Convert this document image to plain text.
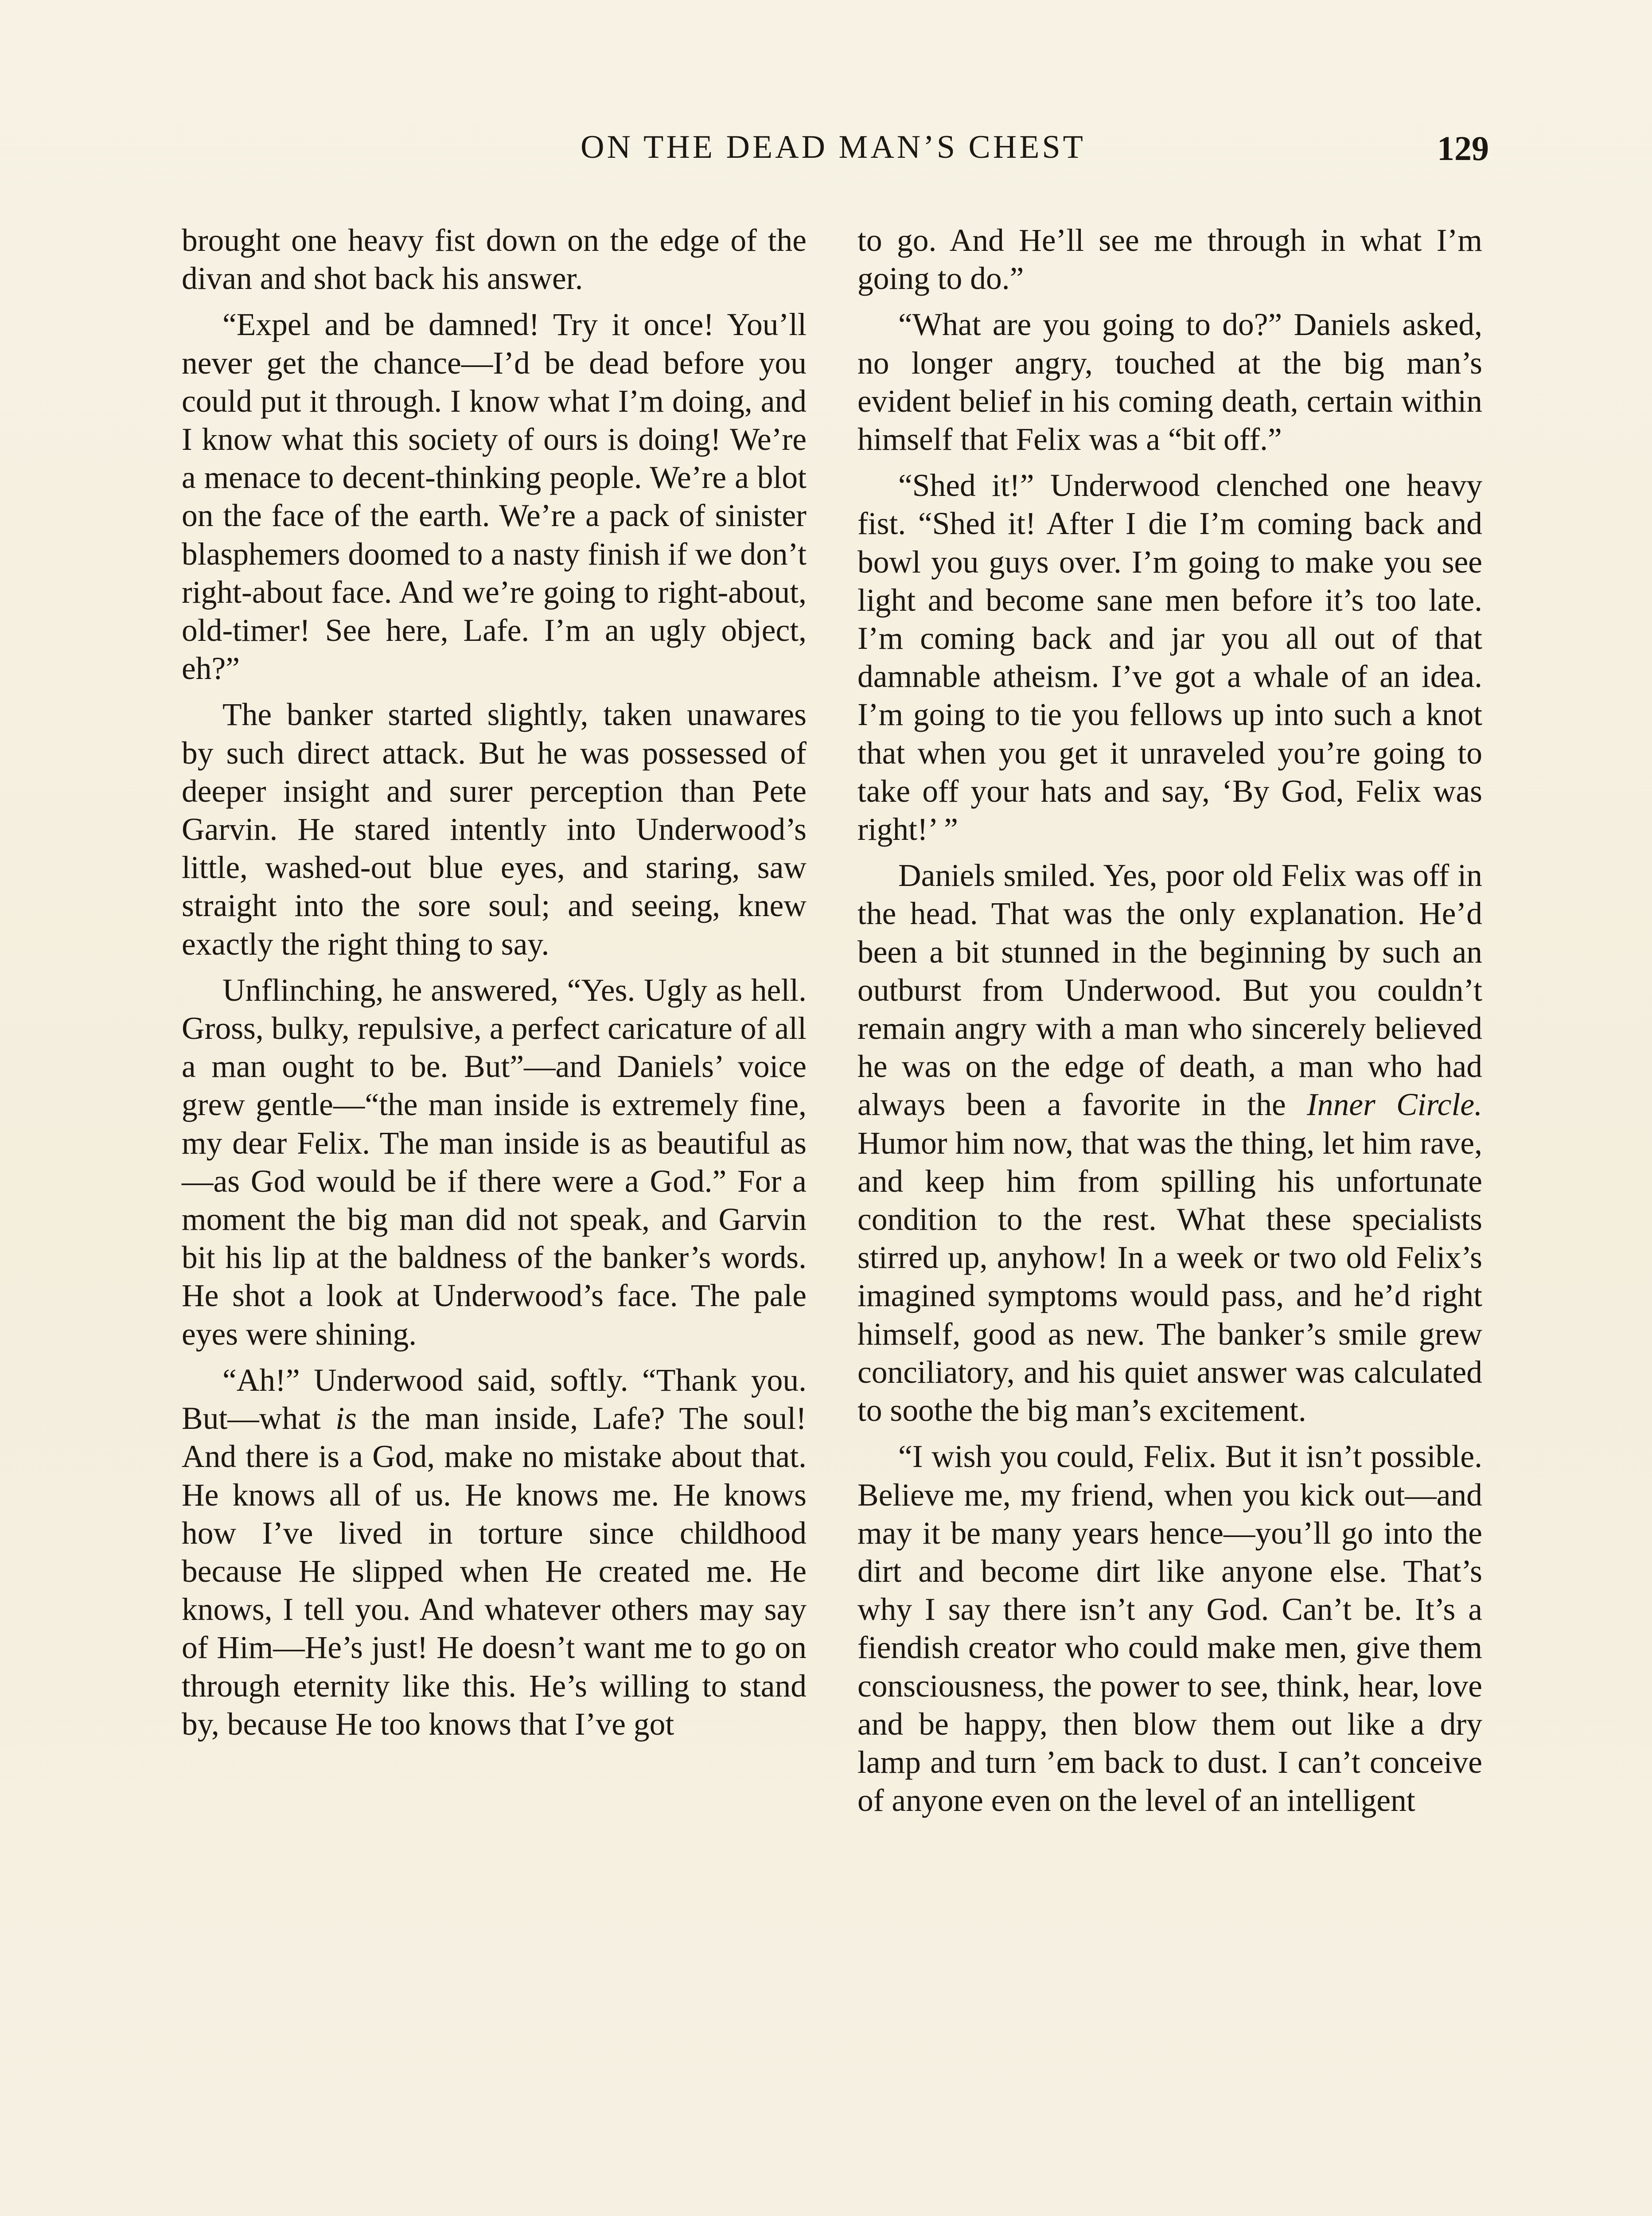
ON THE DEAD MAN’S CHEST	129

brought one heavy fist down on the edge of the divan and shot back his answer.

“Expel and be damned! Try it once! You’ll never get the chance—I’d be dead before you could put it through. I know what I’m doing, and I know what this society of ours is doing! We’re a menace to decent-thinking people. We’re a blot on the face of the earth. We’re a pack of sinister blasphemers doomed to a nasty finish if we don’t right-about face. And we’re going to right-about, old-timer! See here, Lafe. I’m an ugly object, eh?”

The banker started slightly, taken unawares by such direct attack. But he was possessed of deeper insight and surer perception than Pete Garvin. He stared intently into Underwood’s little, washed-out blue eyes, and staring, saw straight into the sore soul; and seeing, knew exactly the right thing to say.

Unflinching, he answered, “Yes. Ugly as hell. Gross, bulky, repulsive, a perfect caricature of all a man ought to be. But”—and Daniels’ voice grew gentle—“the man inside is extremely fine, my dear Felix. The man inside is as beautiful as—as God would be if there were a God.” For a moment the big man did not speak, and Garvin bit his lip at the baldness of the banker’s words. He shot a look at Underwood’s face. The pale eyes were shining.

“Ah!” Underwood said, softly. “Thank you. But—what is the man inside, Lafe? The soul! And there is a God, make no mistake about that. He knows all of us. He knows me. He knows how I’ve lived in torture since childhood because He slipped when He created me. He knows, I tell you. And whatever others may say of Him—He’s just! He doesn’t want me to go on through eternity like this. He’s willing to stand by, because He too knows that I’ve got

to go. And He’ll see me through in what I’m going to do.”

“What are you going to do?” Daniels asked, no longer angry, touched at the big man’s evident belief in his coming death, certain within himself that Felix was a “bit off.”

“Shed it!” Underwood clenched one heavy fist. “Shed it! After I die I’m coming back and bowl you guys over. I’m going to make you see light and become sane men before it’s too late. I’m coming back and jar you all out of that damnable atheism. I’ve got a whale of an idea. I’m going to tie you fellows up into such a knot that when you get it unraveled you’re going to take off your hats and say, ‘By God, Felix was right!’ ”

Daniels smiled. Yes, poor old Felix was off in the head. That was the only explanation. He’d been a bit stunned in the beginning by such an outburst from Underwood. But you couldn’t remain angry with a man who sincerely believed he was on the edge of death, a man who had always been a favorite in the Inner Circle. Humor him now, that was the thing, let him rave, and keep him from spilling his unfortunate condition to the rest. What these specialists stirred up, anyhow! In a week or two old Felix’s imagined symptoms would pass, and he’d right himself, good as new. The banker’s smile grew conciliatory, and his quiet answer was calculated to soothe the big man’s excitement.

“I wish you could, Felix. But it isn’t possible. Believe me, my friend, when you kick out—and may it be many years hence—you’ll go into the dirt and become dirt like anyone else. That’s why I say there isn’t any God. Can’t be. It’s a fiendish creator who could make men, give them consciousness, the power to see, think, hear, love and be happy, then blow them out like a dry lamp and turn ’em back to dust. I can’t conceive of anyone even on the level of an intelligent
